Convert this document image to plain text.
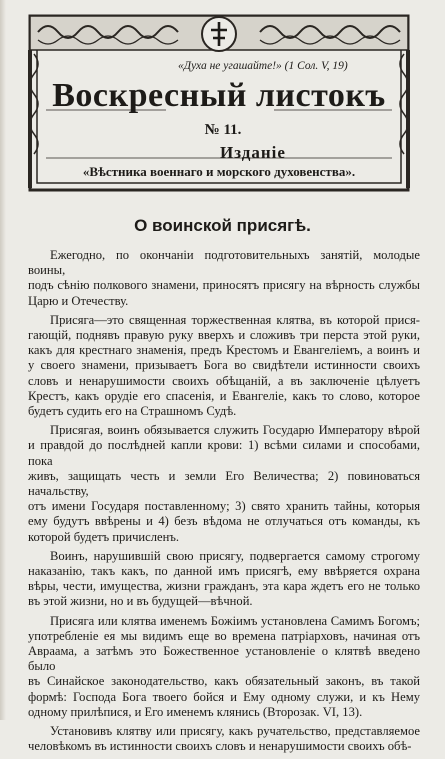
«Духа не угашайте!» (1 Сол. V, 19)
Воскресный листокъ
№ 11.
Изданіе
«Вѣстника военнаго и морского духовенства».
О воинской присягѣ.

Ежегодно, по окончаніи подготовительныхъ занятій, молодые воины,
подъ сѣнію полкового знамени, приносятъ присягу на вѣрность службы
Царю и Отечеству.

Присяга—это священная торжественная клятва, въ которой прися-
гающій, поднявъ правую руку вверхъ и сложивъ три перста этой руки,
какъ для крестнаго знаменія, предъ Крестомъ и Евангеліемъ, а воинъ и
у своего знамени, призываетъ Бога во свидѣтели истинности своихъ
словъ и ненарушимости своихъ обѣщаній, а въ заключеніе цѣлуетъ
Крестъ, какъ орудіе его спасенія, и Евангеліе, какъ то слово, которое
будетъ судить его на Страшномъ Судѣ.

Присягая, воинъ обязывается служить Государю Императору вѣрой
и правдой до послѣдней капли крови: 1) всѣми силами и способами, пока
живъ, защищать честь и земли Его Величества; 2) повиноваться начальству,
отъ имени Государя поставленному; 3) свято хранить тайны, которыя
ему будутъ ввѣрены и 4) безъ вѣдома не отлучаться отъ команды, къ
которой будетъ причисленъ.

Воинъ, нарушившій свою присягу, подвергается самому строгому
наказанію, такъ какъ, по данной имъ присягѣ, ему ввѣряется охрана
вѣры, чести, имущества, жизни гражданъ, эта кара ждетъ его не только
въ этой жизни, но и въ будущей—вѣчной.

Присяга или клятва именемъ Божіимъ установлена Самимъ Богомъ;
употребленіе ея мы видимъ еще во времена патріарховъ, начиная отъ
Авраама, а затѣмъ это Божественное установленіе о клятвѣ введено было
въ Синайское законодательство, какъ обязательный законъ, въ такой
формѣ: Господа Бога твоего бойся и Ему одному служи, и къ Нему
одному прилѣпися, и Его именемъ клянись (Второзак. VI, 13).

Установивъ клятву или присягу, какъ ручательство, представляемое
человѣкомъ въ истинности своихъ словъ и ненарушимости своихъ обѣ-
